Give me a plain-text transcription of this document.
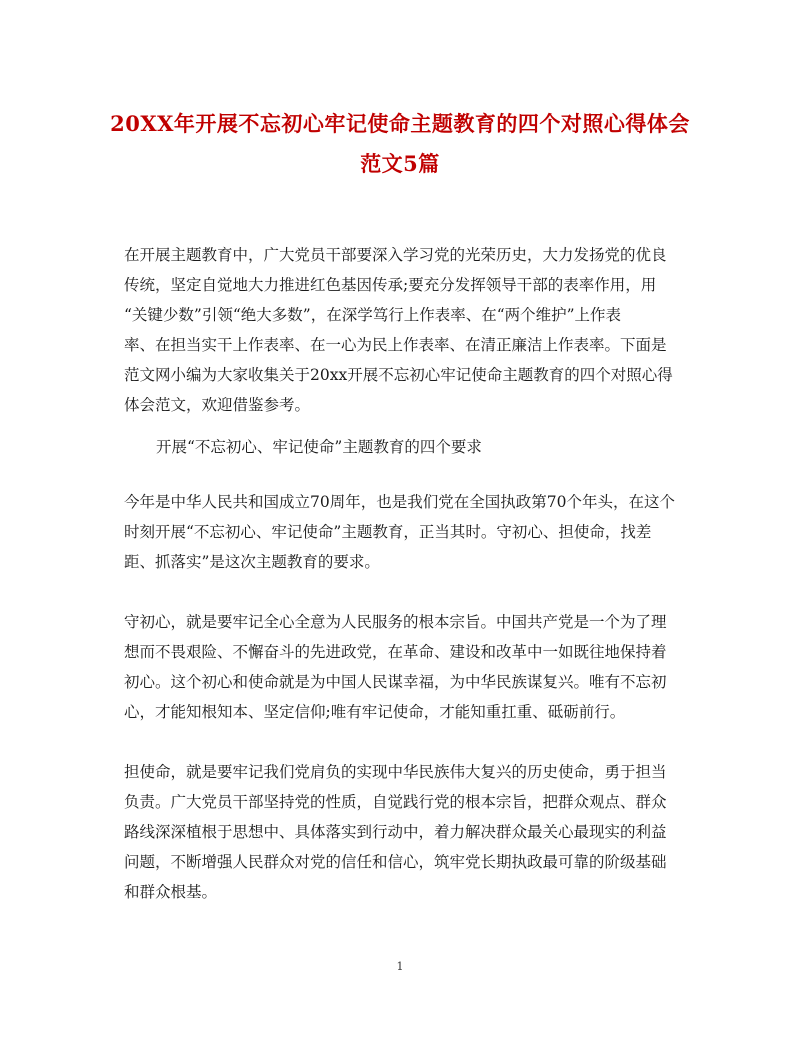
20XX年开展不忘初心牢记使命主题教育的四个对照心得体会
范文5篇
在开展主题教育中，广大党员干部要深入学习党的光荣历史，大力发扬党的优良
传统，坚定自觉地大力推进红色基因传承;要充分发挥领导干部的表率作用，用
“关键少数”引领“绝大多数”，在深学笃行上作表率、在“两个维护”上作表
率、在担当实干上作表率、在一心为民上作表率、在清正廉洁上作表率。下面是
范文网小编为大家收集关于20xx开展不忘初心牢记使命主题教育的四个对照心得
体会范文，欢迎借鉴参考。
开展“不忘初心、牢记使命”主题教育的四个要求
今年是中华人民共和国成立70周年，也是我们党在全国执政第70个年头，在这个
时刻开展“不忘初心、牢记使命”主题教育，正当其时。守初心、担使命，找差
距、抓落实”是这次主题教育的要求。
守初心，就是要牢记全心全意为人民服务的根本宗旨。中国共产党是一个为了理
想而不畏艰险、不懈奋斗的先进政党，在革命、建设和改革中一如既往地保持着
初心。这个初心和使命就是为中国人民谋幸福，为中华民族谋复兴。唯有不忘初
心，才能知根知本、坚定信仰;唯有牢记使命，才能知重扛重、砥砺前行。
担使命，就是要牢记我们党肩负的实现中华民族伟大复兴的历史使命，勇于担当
负责。广大党员干部坚持党的性质，自觉践行党的根本宗旨，把群众观点、群众
路线深深植根于思想中、具体落实到行动中，着力解决群众最关心最现实的利益
问题，不断增强人民群众对党的信任和信心，筑牢党长期执政最可靠的阶级基础
和群众根基。
1
